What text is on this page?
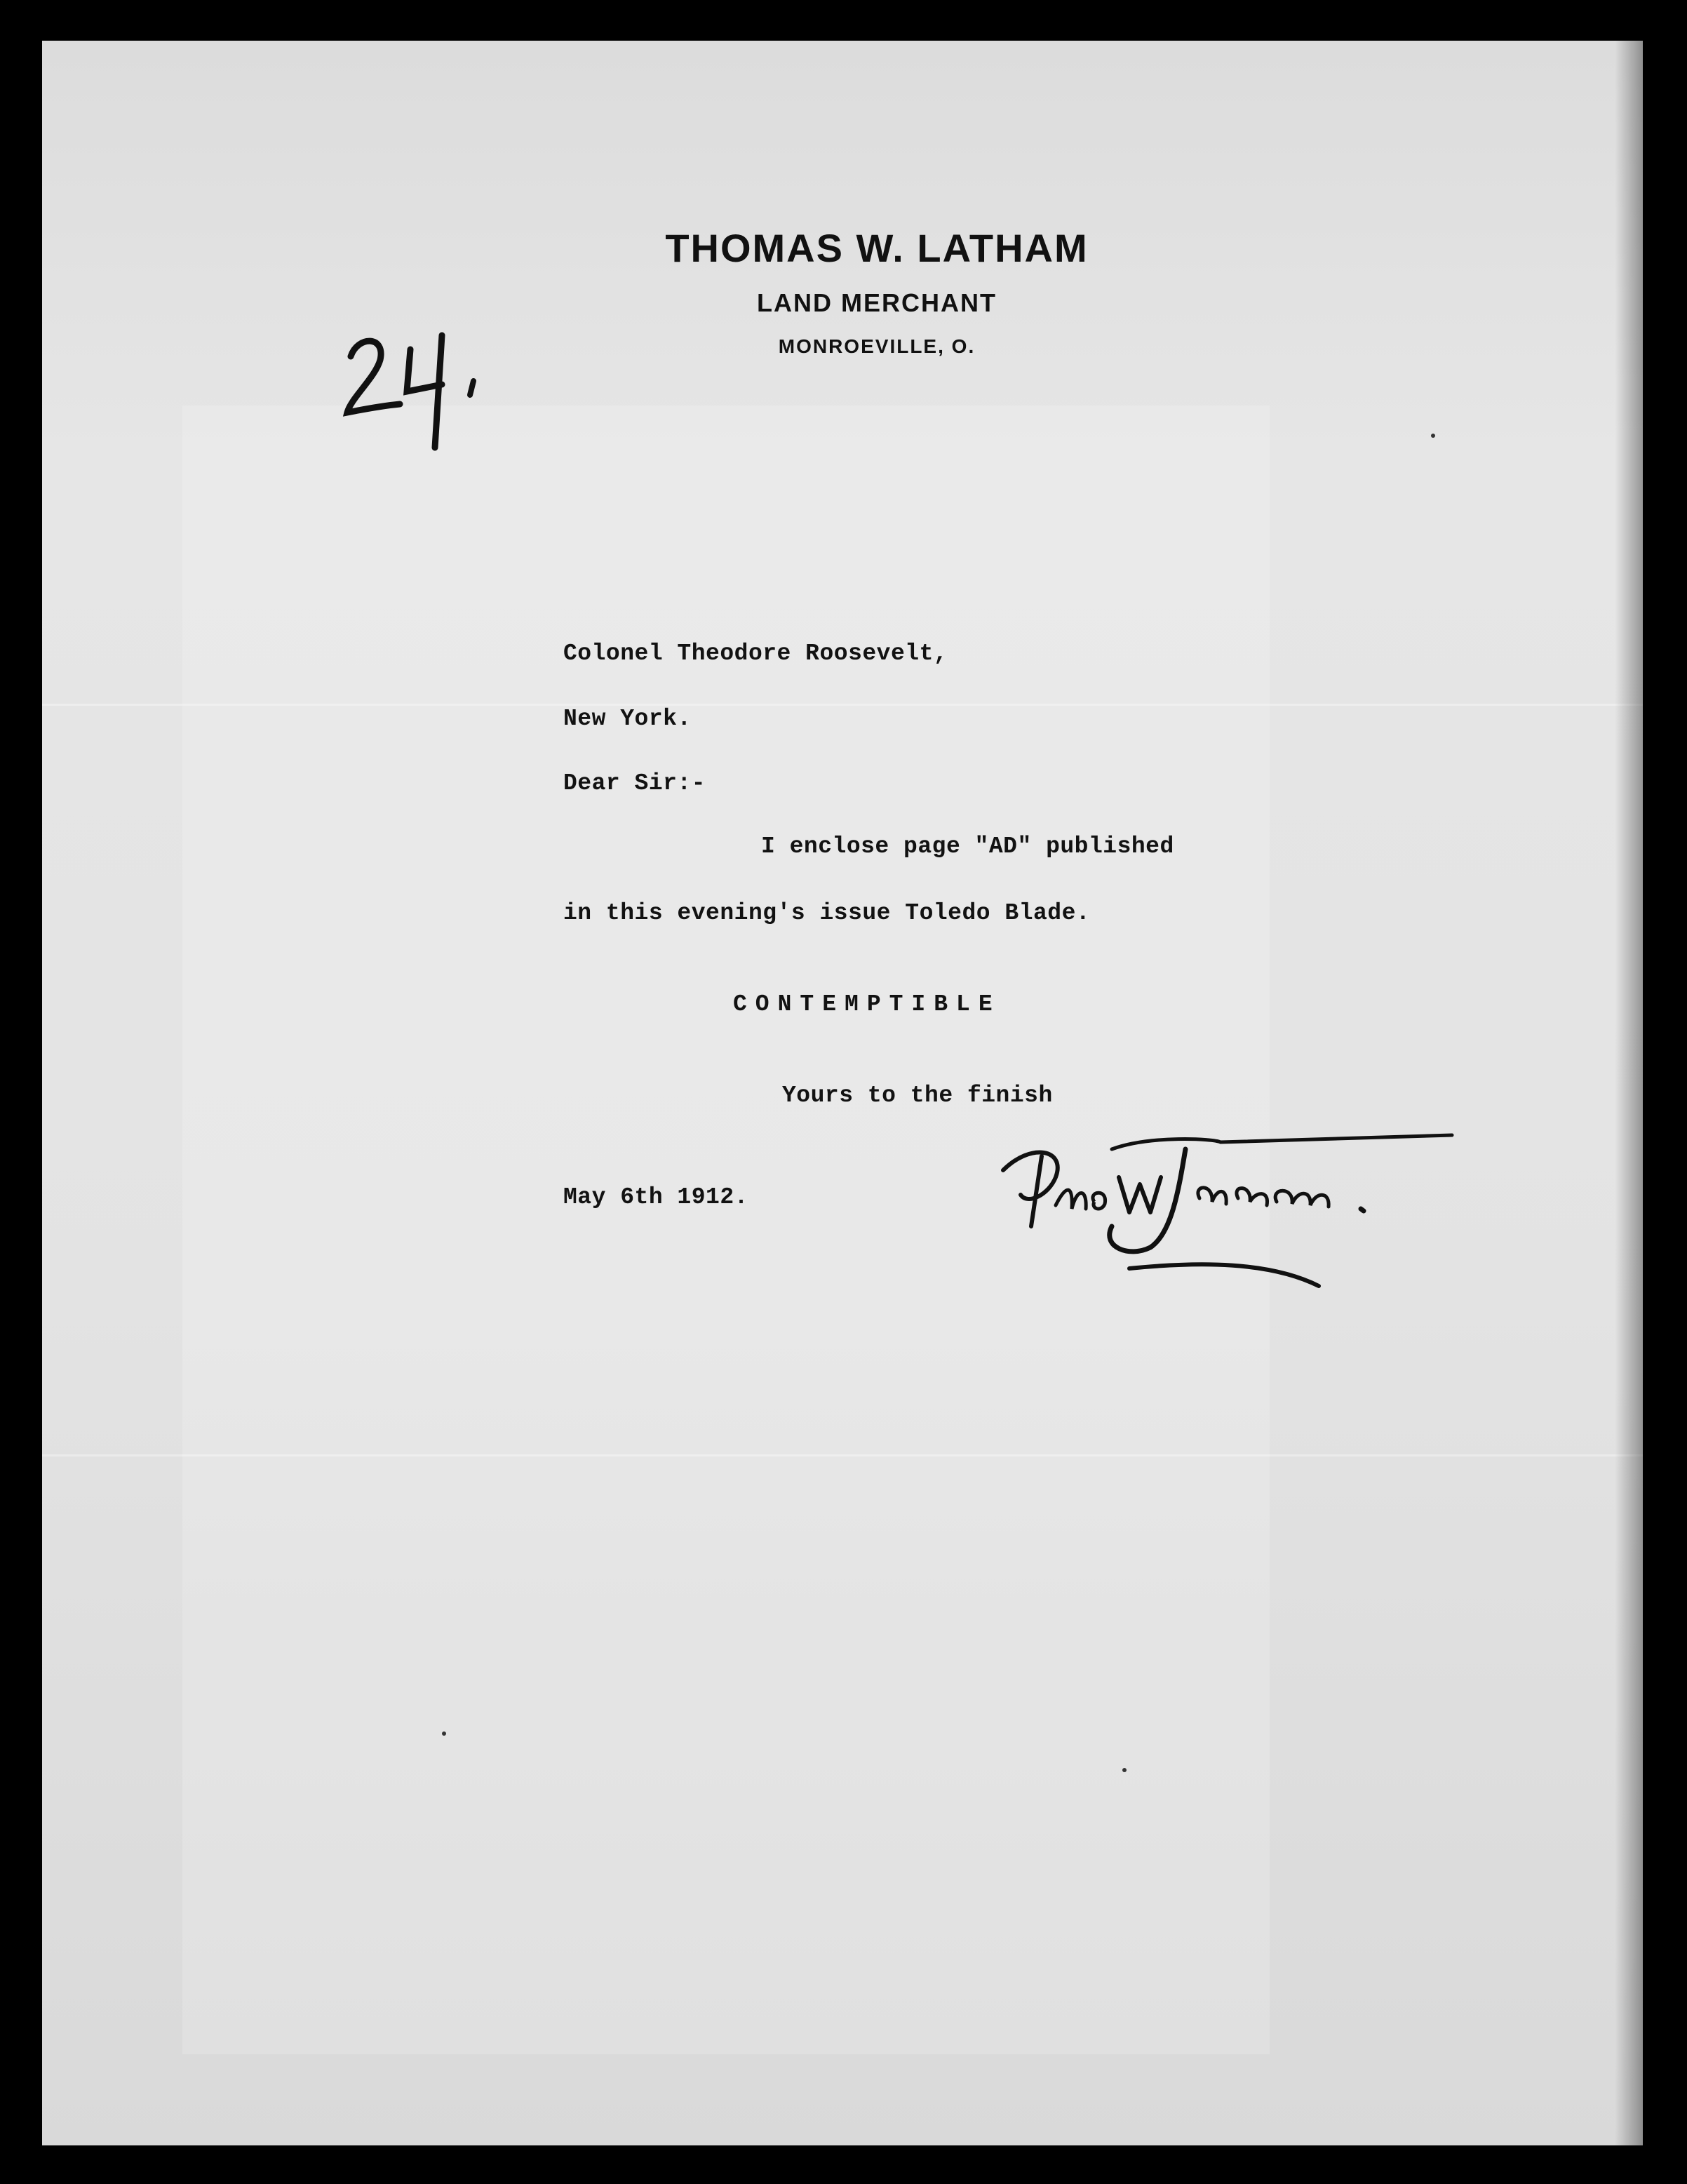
THOMAS W. LATHAM
LAND MERCHANT
MONROEVILLE, O.
Colonel Theodore Roosevelt,
New York.
Dear Sir:-
I enclose page "AD" published
in this evening's issue Toledo Blade.
CONTEMPTIBLE
Yours to the finish
May 6th 1912.
